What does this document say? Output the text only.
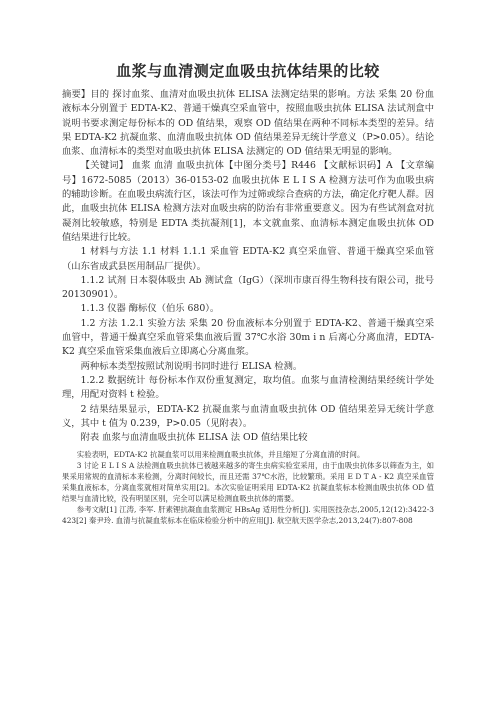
血浆与血清测定血吸虫抗体结果的比较

摘要】目的 探讨血浆、血清对血吸虫抗体 ELISA 法测定结果的影响。方法 采集 20 份血液标本分别置于 EDTA-K2、普通干燥真空采血管中，按照血吸虫抗体 ELISA 法试剂盒中说明书要求测定每份标本的 OD 值结果，观察 OD 值结果在两种不同标本类型的差异。结果 EDTA-K2 抗凝血浆、血清血吸虫抗体 OD 值结果差异无统计学意义（P>0.05）。结论 血浆、血清标本的类型对血吸虫抗体 ELISA 法测定的 OD 值结果无明显的影响。

【关键词】 血浆 血清 血吸虫抗体【中图分类号】R446 【文献标识码】A 【文章编号】1672-5085（2013）36-0153-02 血吸虫抗体 E L I S A 检测方法可作为血吸虫病的辅助诊断。在血吸虫病流行区，该法可作为过筛或综合查病的方法，确定化疗靶人群。因此，血吸虫抗体 ELISA 检测方法对血吸虫病的防治有非常重要意义。因为有些试剂盒对抗凝剂比较敏感，特别是 EDTA 类抗凝剂[1]，本文就血浆、血清标本测定血吸虫抗体 OD 值结果进行比较。

1 材料与方法 1.1 材料 1.1.1 采血管 EDTA-K2 真空采血管、普通干燥真空采血管（山东省成武县医用制品厂提供）。

1.1.2 试剂 日本裂体吸虫 Ab 测试盒（IgG）（深圳市康百得生物科技有限公司，批号 20130901）。

1.1.3 仪器 酶标仪（伯乐 680）。

1.2 方法 1.2.1 实验方法 采集 20 份血液标本分别置于 EDTA-K2、普通干燥真空采血管中，普通干燥真空采血管采集血液后置 37℃水浴 30m i n 后离心分离血清，EDTA-K2 真空采血管采集血液后立即离心分离血浆。

两种标本类型按照试剂说明书同时进行 ELISA 检测。

1.2.2 数据统计 每份标本作双份重复测定，取均值。血浆与血清检测结果经统计学处理，用配对资料 t 检验。

2 结果结果显示，EDTA-K2 抗凝血浆与血清血吸虫抗体 OD 值结果差异无统计学意义，其中 t 值为 0.239，P>0.05（见附表）。

附表 血浆与血清血吸虫抗体 ELISA 法 OD 值结果比较

实验表明，EDTA-K2 抗凝血浆可以用来检测血吸虫抗体，并且缩短了分离血清的时间。

3 讨论 E L I S A 法检测血吸虫抗体已被越来越多的寄生虫病实验室采用，由于血吸虫抗体多以筛查为主，如果采用常规的血清标本来检测，分离时间较长，而且还需 37℃水浴，比较繁琐。采用 E D T A - K2 真空采血管采集血液标本，分离血浆就相对简单实用[2]。本次实验证明采用 EDTA-K2 抗凝血浆标本检测血吸虫抗体 OD 值结果与血清比较，没有明显区别，完全可以满足检测血吸虫抗体的需要。

参考文献[1] 江涛, 李军. 肝素锂抗凝血血浆测定 HBsAg 适用性分析[J]. 实用医技杂志,2005,12(12):3422-3423[2] 秦尹玲. 血清与抗凝血浆标本在临床检验分析中的应用[J]. 航空航天医学杂志,2013,24(7):807-808
